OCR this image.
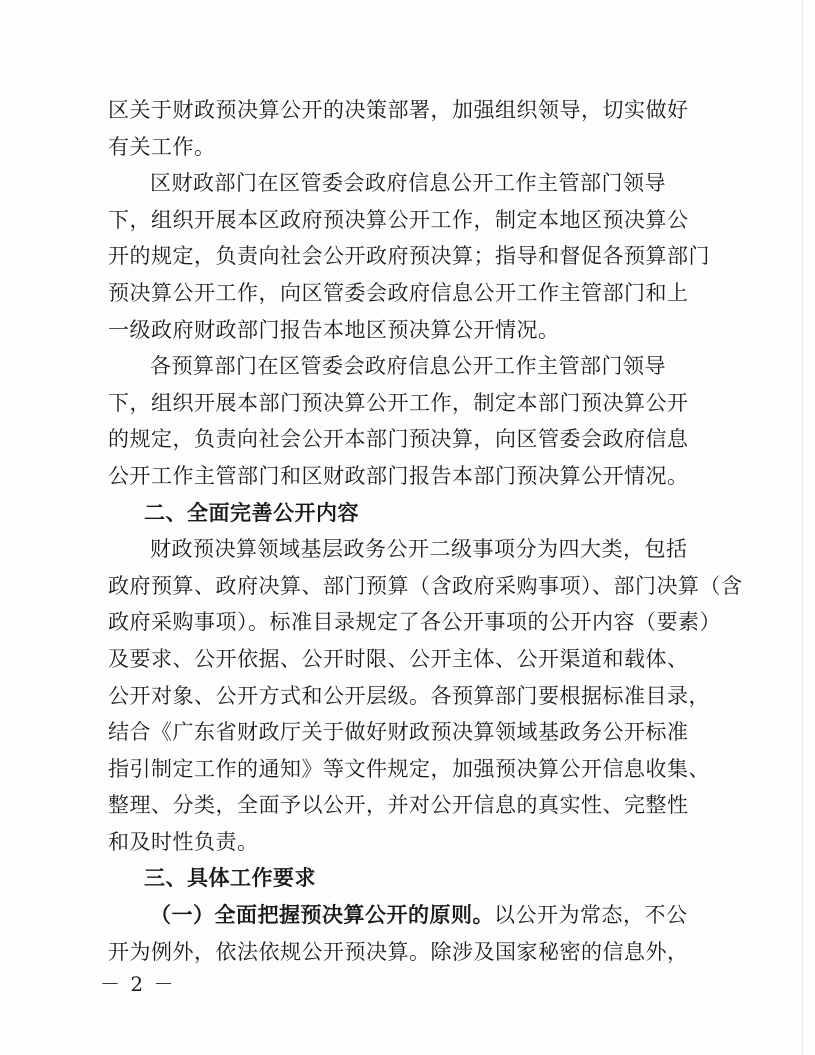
区关于财政预决算公开的决策部署，加强组织领导，切实做好
有关工作。
区财政部门在区管委会政府信息公开工作主管部门领导
下，组织开展本区政府预决算公开工作，制定本地区预决算公
开的规定，负责向社会公开政府预决算；指导和督促各预算部门
预决算公开工作，向区管委会政府信息公开工作主管部门和上
一级政府财政部门报告本地区预决算公开情况。
各预算部门在区管委会政府信息公开工作主管部门领导
下，组织开展本部门预决算公开工作，制定本部门预决算公开
的规定，负责向社会公开本部门预决算，向区管委会政府信息
公开工作主管部门和区财政部门报告本部门预决算公开情况。
二、全面完善公开内容
财政预决算领域基层政务公开二级事项分为四大类，包括
政府预算、政府决算、部门预算（含政府采购事项）、部门决算（含
政府采购事项）。标准目录规定了各公开事项的公开内容（要素）
及要求、公开依据、公开时限、公开主体、公开渠道和载体、
公开对象、公开方式和公开层级。各预算部门要根据标准目录，
结合《广东省财政厅关于做好财政预决算领域基政务公开标准
指引制定工作的通知》等文件规定，加强预决算公开信息收集、
整理、分类，全面予以公开，并对公开信息的真实性、完整性
和及时性负责。
三、具体工作要求
（一）全面把握预决算公开的原则。以公开为常态，不公
开为例外，依法依规公开预决算。除涉及国家秘密的信息外，
－ 2 －
